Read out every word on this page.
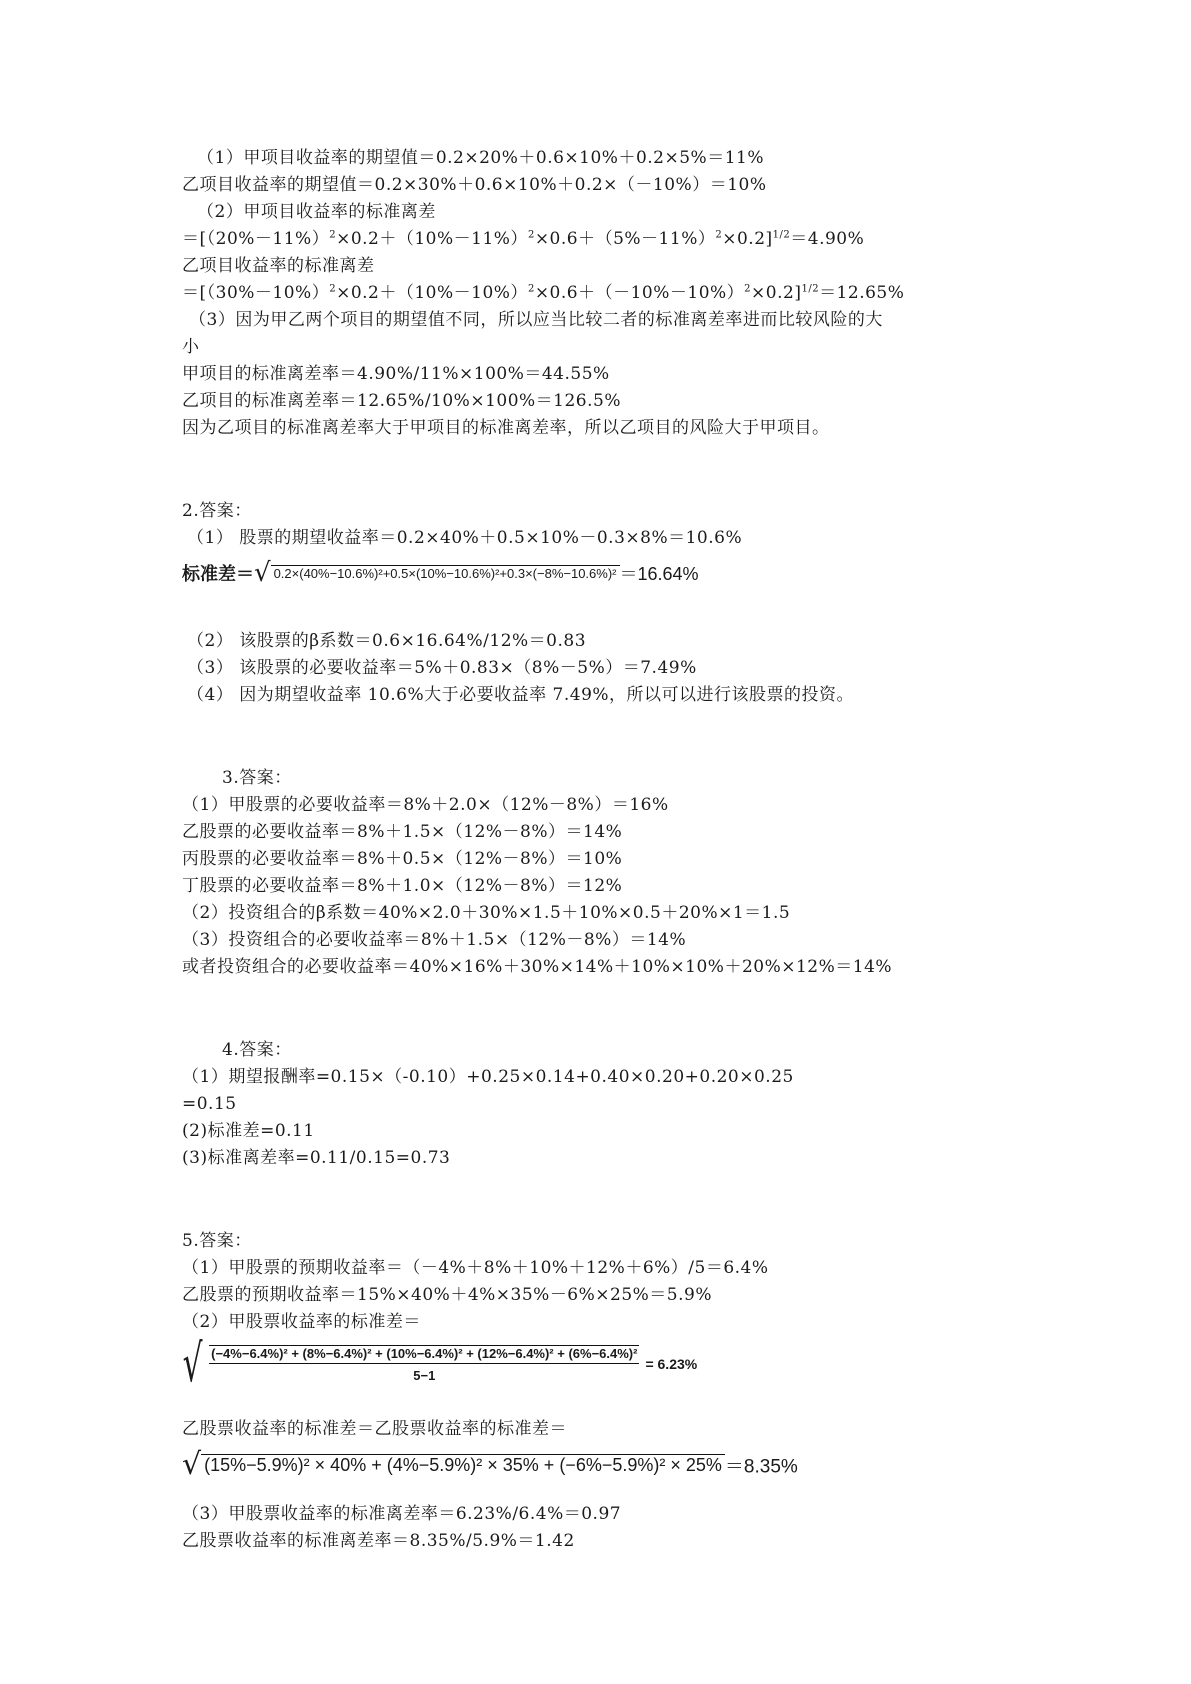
（1）甲项目收益率的期望值＝0.2×20%＋0.6×10%＋0.2×5%＝11%
乙项目收益率的期望值＝0.2×30%＋0.6×10%＋0.2×（－10%）＝10%
（2）甲项目收益率的标准离差
$=[(20\%-11\%)^2\times 0.2+(10\%-11\%)^2\times 0.6+(5\%-11\%)^2\times 0.2]^{1/2}=4.90\%$
乙项目收益率的标准离差
$=[(30\%-10\%)^2\times 0.2+(10\%-10\%)^2\times 0.6+(-10\%-10\%)^2\times 0.2]^{1/2}=12.65\%$
（3）因为甲乙两个项目的期望值不同，所以应当比较二者的标准离差率进而比较风险的大
小
甲项目的标准离差率＝4.90%/11%×100%＝44.55%
乙项目的标准离差率＝12.65%/10%×100%＝126.5%
因为乙项目的标准离差率大于甲项目的标准离差率，所以乙项目的风险大于甲项目。
2.答案：
（1） 股票的期望收益率＝0.2×40%＋0.5×10%－0.3×8%＝10.6%
标准差＝√ 0.2×(40%−10.6%)²+0.5×(10%−10.6%)²+0.3×(−8%−10.6%)² ＝16.64%
（2） 该股票的β系数＝0.6×16.64%/12%＝0.83
（3） 该股票的必要收益率＝5%＋0.83×（8%－5%）＝7.49%
（4） 因为期望收益率 10.6%大于必要收益率 7.49%，所以可以进行该股票的投资。
3.答案：
（1）甲股票的必要收益率＝8%＋2.0×（12%－8%）＝16%
乙股票的必要收益率＝8%＋1.5×（12%－8%）＝14%
丙股票的必要收益率＝8%＋0.5×（12%－8%）＝10%
丁股票的必要收益率＝8%＋1.0×（12%－8%）＝12%
（2）投资组合的β系数＝40%×2.0＋30%×1.5＋10%×0.5＋20%×1＝1.5
（3）投资组合的必要收益率＝8%＋1.5×（12%－8%）＝14%
或者投资组合的必要收益率＝40%×16%＋30%×14%＋10%×10%＋20%×12%＝14%
4.答案：
（1）期望报酬率=0.15×（-0.10）+0.25×0.14+0.40×0.20+0.20×0.25
=0.15
(2)标准差=0.11
(3)标准离差率=0.11/0.15=0.73
5.答案：
（1）甲股票的预期收益率＝（－4%＋8%＋10%＋12%＋6%）/5＝6.4%
乙股票的预期收益率＝15%×40%＋4%×35%－6%×25%＝5.9%
（2）甲股票收益率的标准差＝
√ (−4%−6.4%)² + (8%−6.4%)² + (10%−6.4%)² + (12%−6.4%)² + (6%−6.4%)²
5−1
= 6.23%
乙股票收益率的标准差＝乙股票收益率的标准差＝
√ (15%−5.9%)² × 40% + (4%−5.9%)² × 35% + (−6%−5.9%)² × 25% ＝8.35%
（3）甲股票收益率的标准离差率＝6.23%/6.4%＝0.97
乙股票收益率的标准离差率＝8.35%/5.9%＝1.42
